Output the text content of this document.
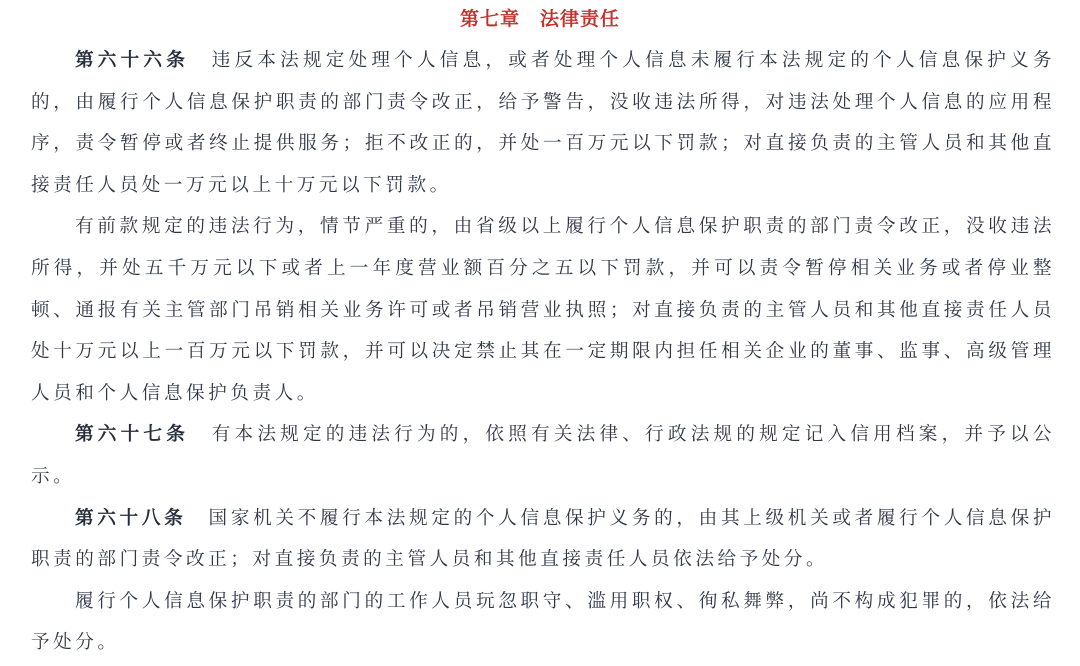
第七章　法律责任

第六十六条 违反本法规定处理个人信息，或者处理个人信息未履行本法规定的个人信息保护义务的，由履行个人信息保护职责的部门责令改正，给予警告，没收违法所得，对违法处理个人信息的应用程序，责令暂停或者终止提供服务；拒不改正的，并处一百万元以下罚款；对直接负责的主管人员和其他直接责任人员处一万元以上十万元以下罚款。

有前款规定的违法行为，情节严重的，由省级以上履行个人信息保护职责的部门责令改正，没收违法所得，并处五千万元以下或者上一年度营业额百分之五以下罚款，并可以责令暂停相关业务或者停业整顿、通报有关主管部门吊销相关业务许可或者吊销营业执照；对直接负责的主管人员和其他直接责任人员处十万元以上一百万元以下罚款，并可以决定禁止其在一定期限内担任相关企业的董事、监事、高级管理人员和个人信息保护负责人。

第六十七条 有本法规定的违法行为的，依照有关法律、行政法规的规定记入信用档案，并予以公示。

第六十八条 国家机关不履行本法规定的个人信息保护义务的，由其上级机关或者履行个人信息保护职责的部门责令改正；对直接负责的主管人员和其他直接责任人员依法给予处分。

履行个人信息保护职责的部门的工作人员玩忽职守、滥用职权、徇私舞弊，尚不构成犯罪的，依法给予处分。
